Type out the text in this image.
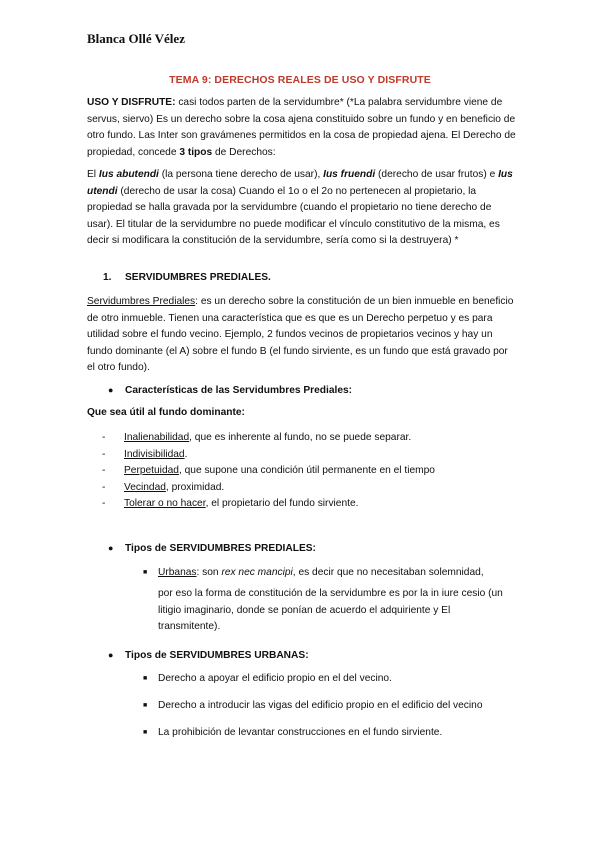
Blanca Ollé Vélez
TEMA 9: DERECHOS REALES DE USO Y DISFRUTE

USO Y DISFRUTE: casi todos parten de la servidumbre* (*La palabra servidumbre viene de servus, siervo) Es un derecho sobre la cosa ajena constituido sobre un fundo y en beneficio de otro fundo. Las Inter son gravámenes permitidos en la cosa de propiedad ajena. El Derecho de propiedad, concede 3 tipos de Derechos:

El Ius abutendi (la persona tiene derecho de usar), Ius fruendi (derecho de usar frutos) e Ius utendi (derecho de usar la cosa) Cuando el 1o o el 2o no pertenecen al propietario, la propiedad se halla gravada por la servidumbre (cuando el propietario no tiene derecho de usar). El titular de la servidumbre no puede modificar el vínculo constitutivo de la misma, es decir si modificara la constitución de la servidumbre, sería como si la destruyera) *

1. SERVIDUMBRES PREDIALES.

Servidumbres Prediales: es un derecho sobre la constitución de un bien inmueble en beneficio de otro inmueble. Tienen una característica que es que es un Derecho perpetuo y es para utilidad sobre el fundo vecino. Ejemplo, 2 fundos vecinos de propietarios vecinos y hay un fundo dominante (el A) sobre el fundo B (el fundo sirviente, es un fundo que está gravado por el otro fundo).

● Características de las Servidumbres Prediales:
Que sea útil al fundo dominante:
- Inalienabilidad, que es inherente al fundo, no se puede separar.
- Indivisibilidad.
- Perpetuidad, que supone una condición útil permanente en el tiempo
- Vecindad, proximidad.
- Tolerar o no hacer, el propietario del fundo sirviente.
● Tipos de SERVIDUMBRES PREDIALES:
■	Urbanas: son rex nec mancipi, es decir que no necesitaban solemnidad,
por eso la forma de constitución de la servidumbre es por la in iure cesio (un litigio imaginario, donde se ponían de acuerdo el adquiriente y El transmitente).
● Tipos de SERVIDUMBRES URBANAS:
■	Derecho a apoyar el edificio propio en el del vecino.
■	Derecho a introducir las vigas del edificio propio en el edificio del vecino
■	La prohibición de levantar construcciones en el fundo sirviente.
